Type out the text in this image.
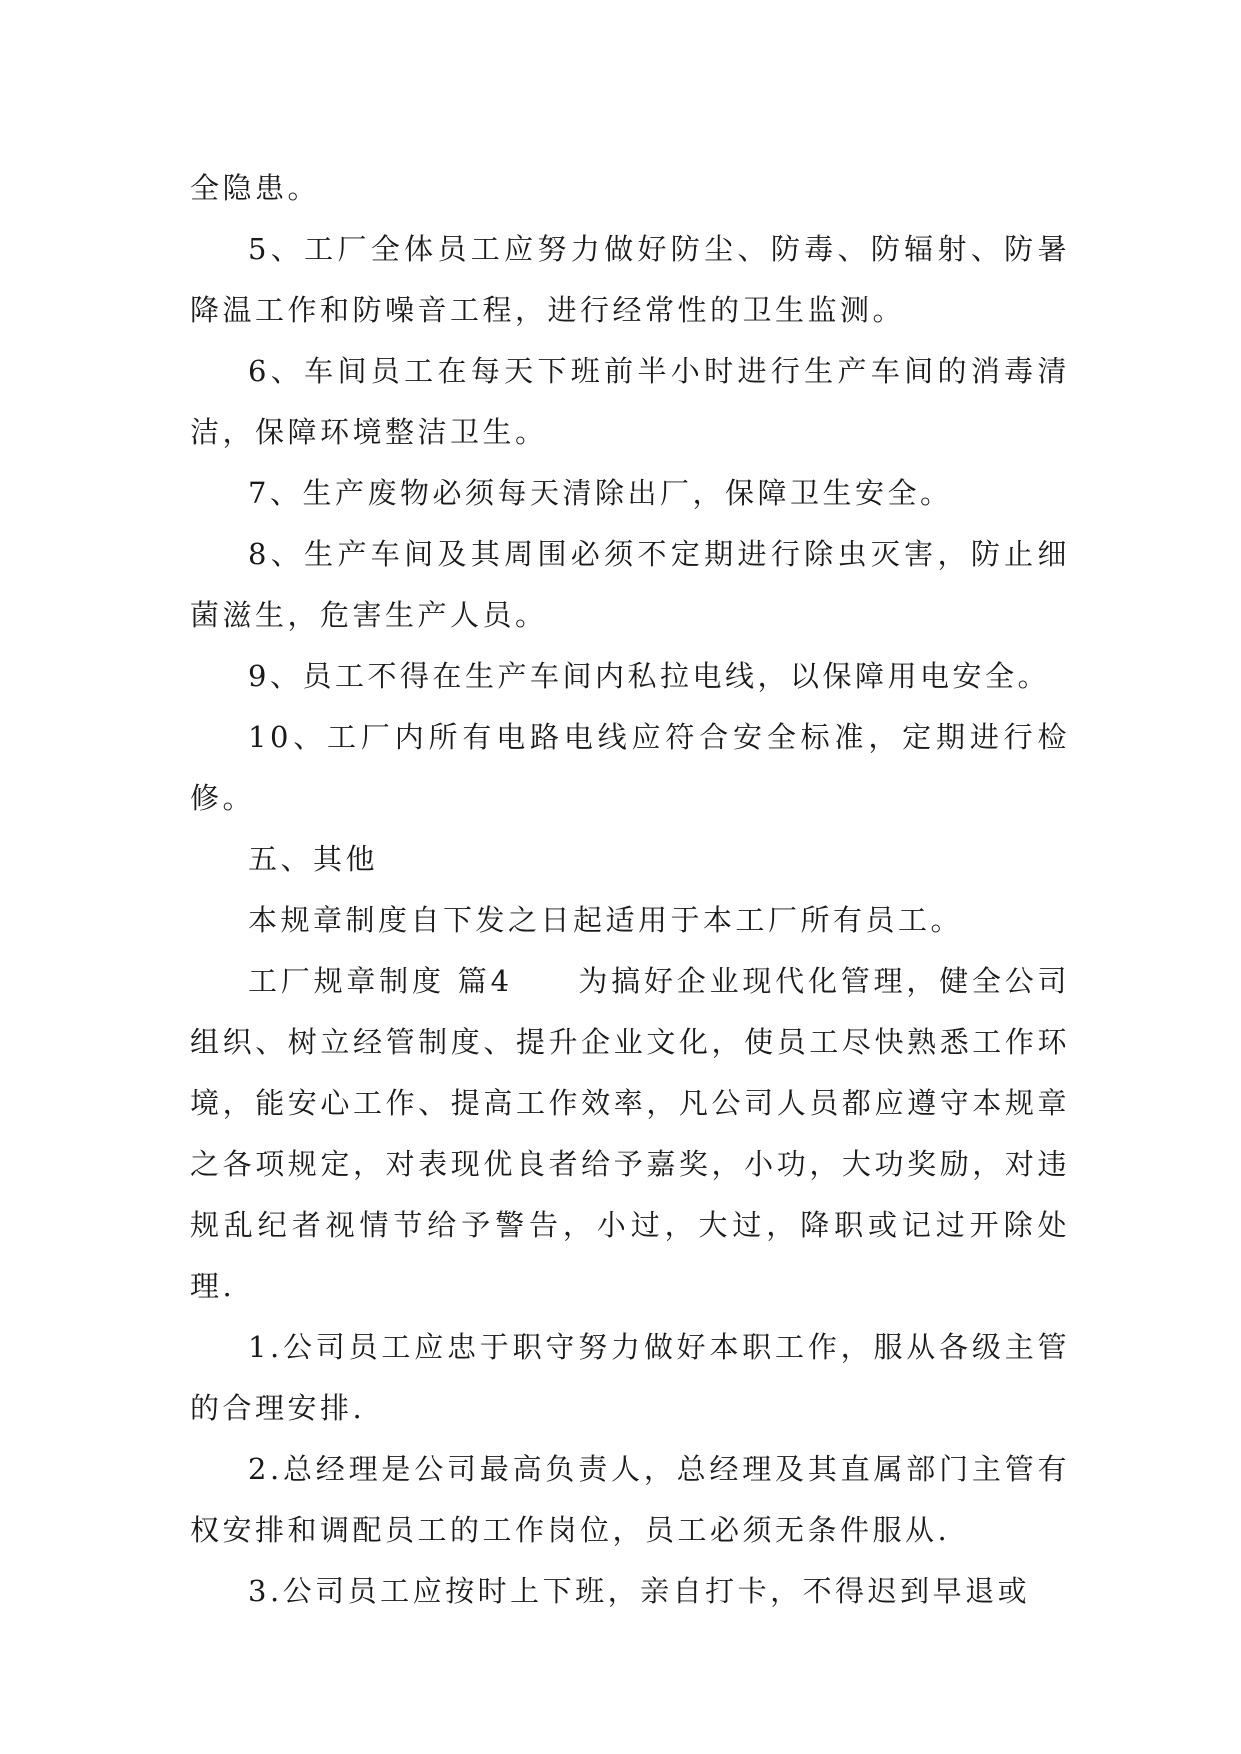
全隐患。

5、工厂全体员工应努力做好防尘、防毒、防辐射、防暑降温工作和防噪音工程，进行经常性的卫生监测。

6、车间员工在每天下班前半小时进行生产车间的消毒清洁，保障环境整洁卫生。

7、生产废物必须每天清除出厂，保障卫生安全。

8、生产车间及其周围必须不定期进行除虫灭害，防止细菌滋生，危害生产人员。

9、员工不得在生产车间内私拉电线，以保障用电安全。

10、工厂内所有电路电线应符合安全标准，定期进行检修。

五、其他

本规章制度自下发之日起适用于本工厂所有员工。

工厂规章制度 篇4　　为搞好企业现代化管理，健全公司组织、树立经管制度、提升企业文化，使员工尽快熟悉工作环境，能安心工作、提高工作效率，凡公司人员都应遵守本规章之各项规定，对表现优良者给予嘉奖，小功，大功奖励，对违规乱纪者视情节给予警告，小过，大过，降职或记过开除处理.

1.公司员工应忠于职守努力做好本职工作，服从各级主管的合理安排.

2.总经理是公司最高负责人，总经理及其直属部门主管有权安排和调配员工的工作岗位，员工必须无条件服从.

3.公司员工应按时上下班，亲自打卡，不得迟到早退或
